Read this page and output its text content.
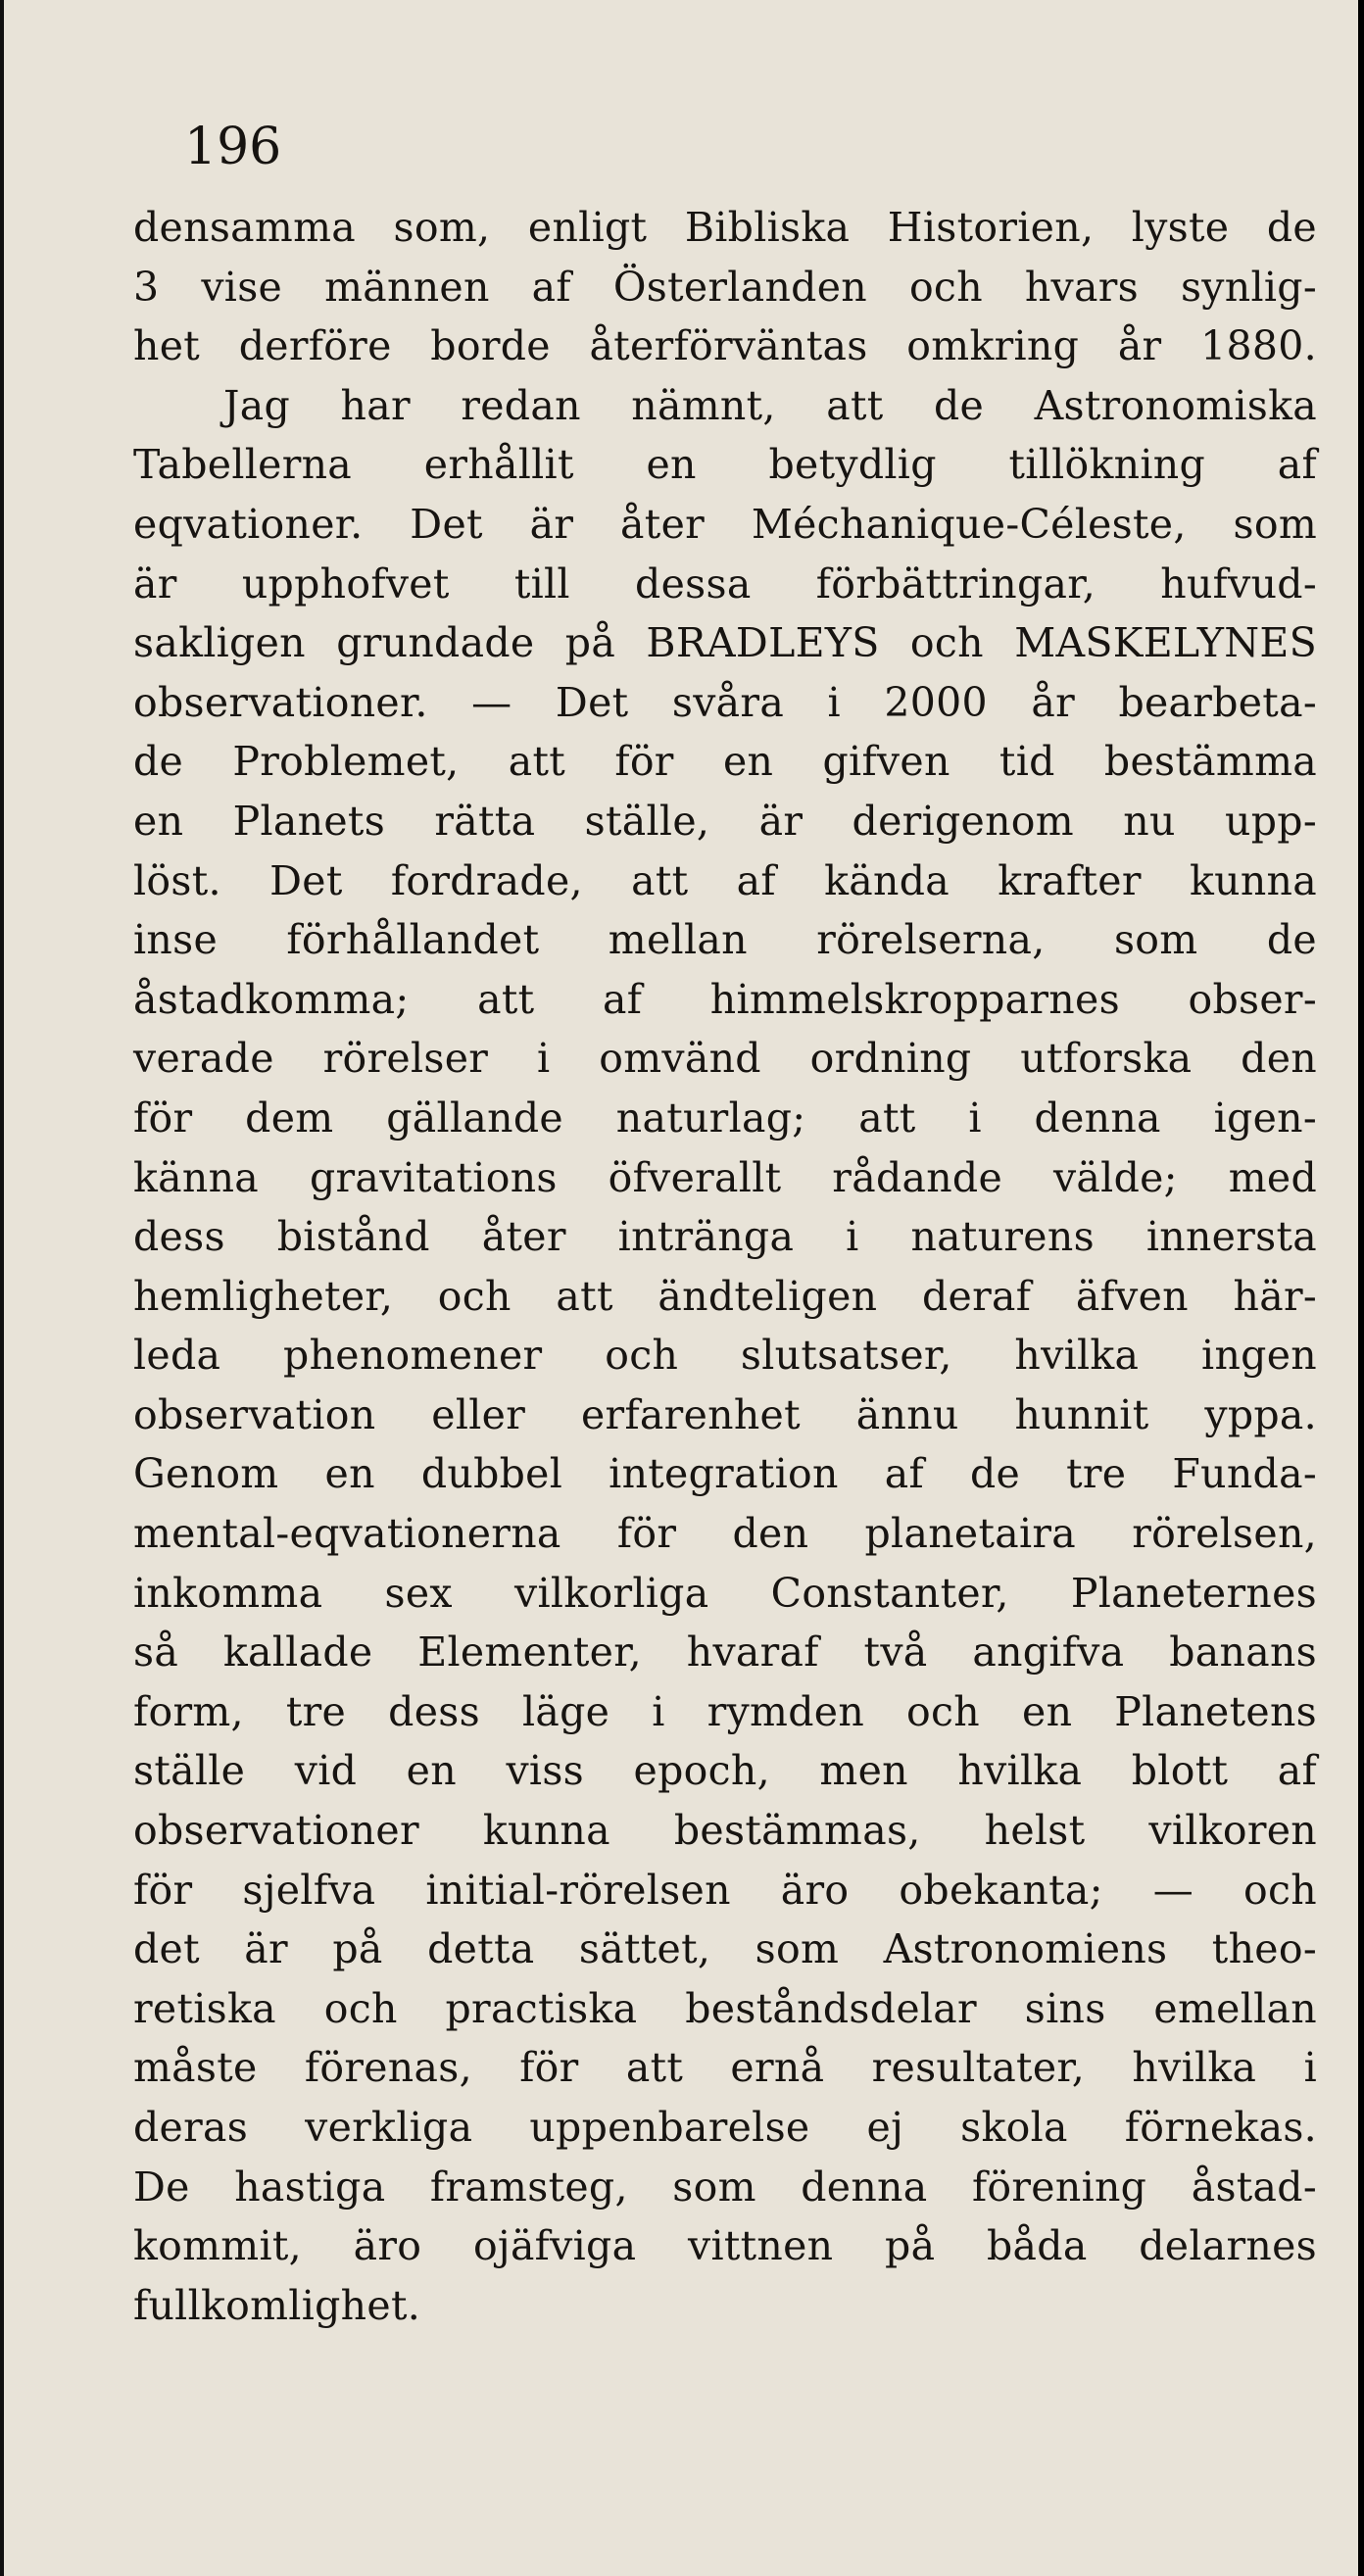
196
densamma som, enligt Bibliska Historien, lyste de
3 vise männen af Österlanden och hvars synlig-
het derföre borde återförväntas omkring år 1880.
Jag har redan nämnt, att de Astronomiska
Tabellerna erhållit en betydlig tillökning af
eqvationer. Det är åter Méchanique-Céleste, som
är upphofvet till dessa förbättringar, hufvud-
sakligen grundade på BRADLEYS och MASKELYNES
observationer. — Det svåra i 2000 år bearbeta-
de Problemet, att för en gifven tid bestämma
en Planets rätta ställe, är derigenom nu upp-
löst. Det fordrade, att af kända krafter kunna
inse förhållandet mellan rörelserna, som de
åstadkomma; att af himmelskropparnes obser-
verade rörelser i omvänd ordning utforska den
för dem gällande naturlag; att i denna igen-
känna gravitations öfverallt rådande välde; med
dess bistånd åter inträngа i naturens innersta
hemligheter, och att ändteligen deraf äfven här-
leda phenomener och slutsatser, hvilka ingen
observation eller erfarenhet ännu hunnit yppa.
Genom en dubbel integration af de tre Funda-
mental-eqvationerna för den planetaira rörelsen,
inkomma sex vilkorliga Constanter, Planeternes
så kallade Elementer, hvaraf två angifva banans
form, tre dess läge i rymden och en Planetens
ställe vid en viss epoch, men hvilka blott af
observationer kunna bestämmas, helst vilkoren
för sjelfva initial-rörelsen äro obekanta; — och
det är på detta sättet, som Astronomiens theo-
retiska och practiska beståndsdelar sins emellan
måste förenas, för att ernå resultater, hvilka i
deras verkliga uppenbarelse ej skola förnekas.
De hastiga framsteg, som denna förening åstad-
kommit, äro ojäfviga vittnen på båda delarnes
fullkomlighet.
